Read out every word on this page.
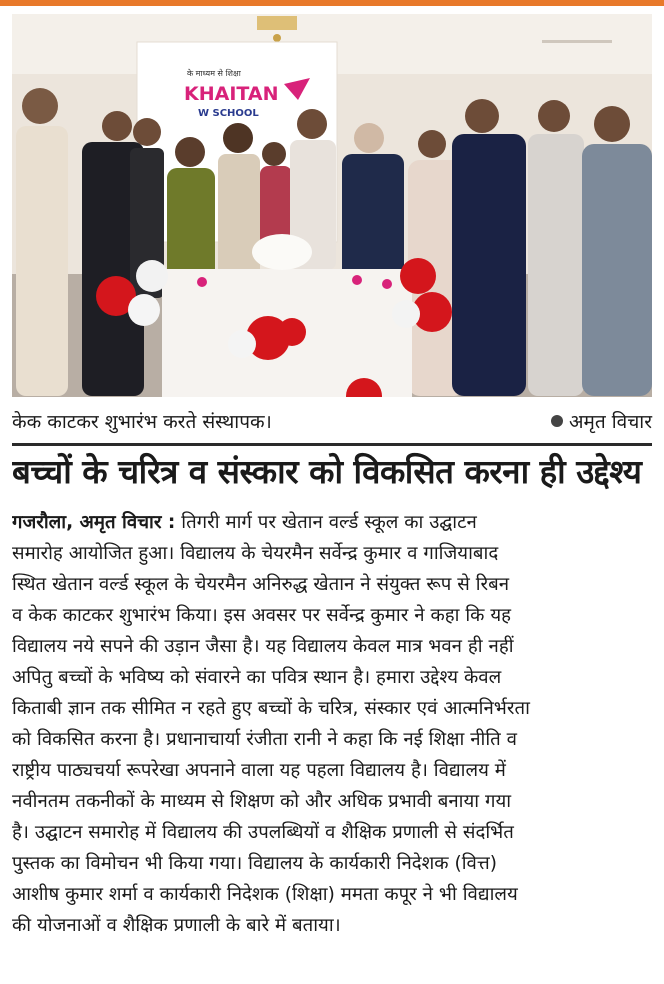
के माध्यम से शिक्षा
KHAITAN
W SCHOOL
केक काटकर शुभारंभ करते संस्थापक।	अमृत विचार
बच्चों के चरित्र व संस्कार को विकसित करना ही उद्देश्य
गजरौला, अमृत विचार : तिगरी मार्ग पर खेतान वर्ल्ड स्कूल का उद्घाटन
समारोह आयोजित हुआ। विद्यालय के चेयरमैन सर्वेन्द्र कुमार व गाजियाबाद
स्थित खेतान वर्ल्ड स्कूल के चेयरमैन अनिरुद्ध खेतान ने संयुक्त रूप से रिबन
व केक काटकर शुभारंभ किया। इस अवसर पर सर्वेन्द्र कुमार ने कहा कि यह
विद्यालय नये सपने की उड़ान जैसा है। यह विद्यालय केवल मात्र भवन ही नहीं
अपितु बच्चों के भविष्य को संवारने का पवित्र स्थान है। हमारा उद्देश्य केवल
किताबी ज्ञान तक सीमित न रहते हुए बच्चों के चरित्र, संस्कार एवं आत्मनिर्भरता
को विकसित करना है। प्रधानाचार्या रंजीता रानी ने कहा कि नई शिक्षा नीति व
राष्ट्रीय पाठ्यचर्या रूपरेखा अपनाने वाला यह पहला विद्यालय है। विद्यालय में
नवीनतम तकनीकों के माध्यम से शिक्षण को और अधिक प्रभावी बनाया गया
है। उद्घाटन समारोह में विद्यालय की उपलब्धियों व शैक्षिक प्रणाली से संदर्भित
पुस्तक का विमोचन भी किया गया। विद्यालय के कार्यकारी निदेशक (वित्त)
आशीष कुमार शर्मा व कार्यकारी निदेशक (शिक्षा) ममता कपूर ने भी विद्यालय
की योजनाओं व शैक्षिक प्रणाली के बारे में बताया।
